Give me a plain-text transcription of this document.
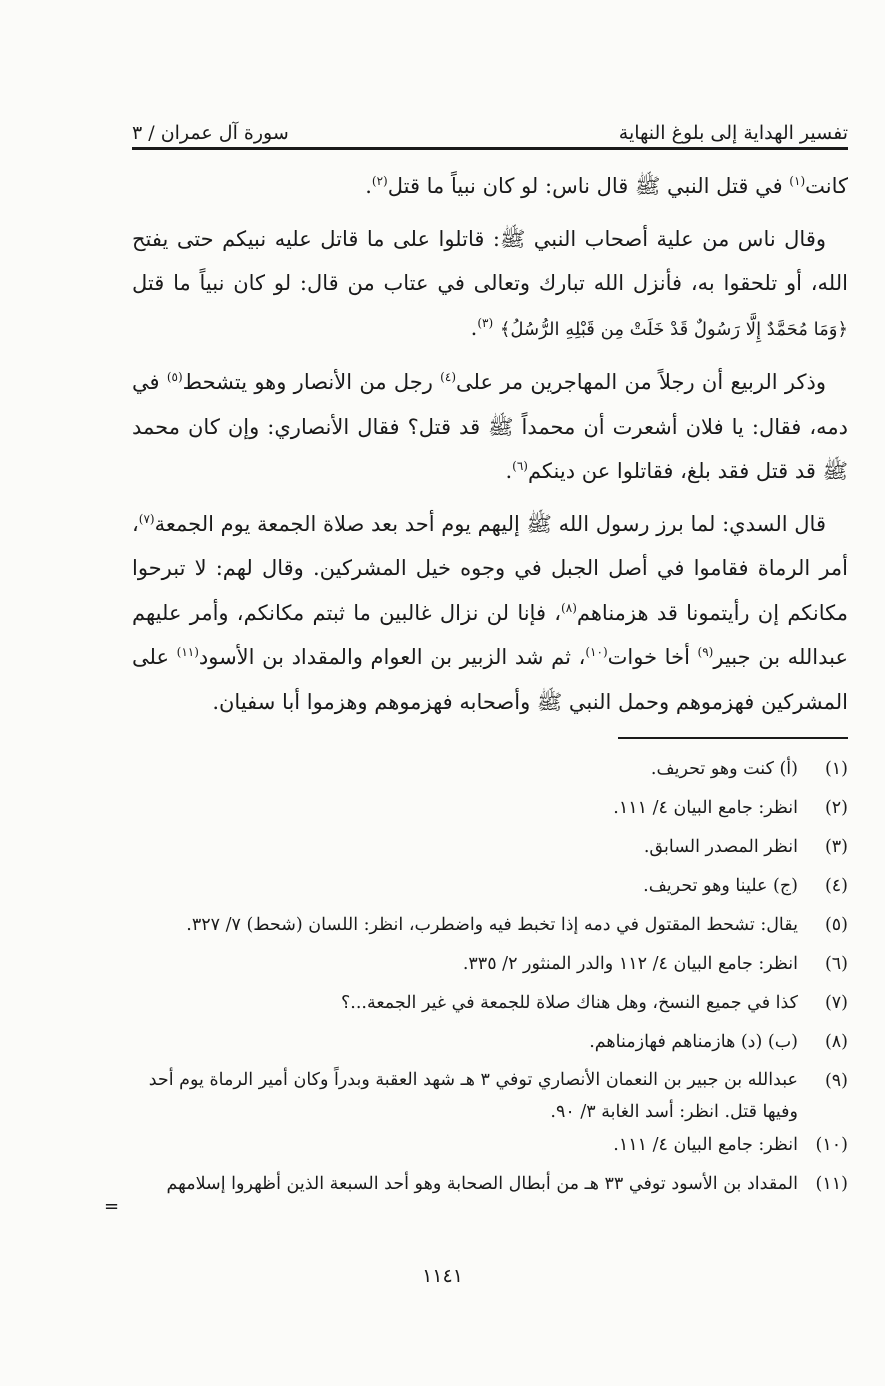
سورة آل عمران / ٣	تفسير الهداية إلى بلوغ النهاية

كانت$^{(١)}$ في قتل النبي ﷺ قال ناس: لو كان نبياً ما قتل$^{(٢)}$.

وقال ناس من علية أصحاب النبي ﷺ: قاتلوا على ما قاتل عليه نبيكم حتى يفتح الله، أو تلحقوا به، فأنزل الله تبارك وتعالى في عتاب من قال: لو كان نبياً ما قتل ﴿وَمَا مُحَمَّدٌ إِلَّا رَسُولٌ قَدْ خَلَتْ مِن قَبْلِهِ الرُّسُلُ﴾ $^{(٣)}$.

وذكر الربيع أن رجلاً من المهاجرين مر على$^{(٤)}$ رجل من الأنصار وهو يتشحط$^{(٥)}$ في دمه، فقال: يا فلان أشعرت أن محمداً ﷺ قد قتل؟ فقال الأنصاري: وإن كان محمد ﷺ قد قتل فقد بلغ، فقاتلوا عن دينكم$^{(٦)}$.

قال السدي: لما برز رسول الله ﷺ إليهم يوم أحد بعد صلاة الجمعة يوم الجمعة$^{(٧)}$، أمر الرماة فقاموا في أصل الجبل في وجوه خيل المشركين. وقال لهم: لا تبرحوا مكانكم إن رأيتمونا قد هزمناهم$^{(٨)}$، فإنا لن نزال غالبين ما ثبتم مكانكم، وأمر عليهم عبدالله بن جبير$^{(٩)}$ أخا خوات$^{(١٠)}$، ثم شد الزبير بن العوام والمقداد بن الأسود$^{(١١)}$ على المشركين فهزموهم وحمل النبي ﷺ وأصحابه فهزموهم وهزموا أبا سفيان.

(١)
(أ) كنت وهو تحريف.
(٢)
انظر: جامع البيان ٤/ ١١١.
(٣)
انظر المصدر السابق.
(٤)
(ج) علينا وهو تحريف.
(٥)
يقال: تشحط المقتول في دمه إذا تخبط فيه واضطرب، انظر: اللسان (شحط) ٧/ ٣٢٧.
(٦)
انظر: جامع البيان ٤/ ١١٢ والدر المنثور ٢/ ٣٣٥.
(٧)
كذا في جميع النسخ، وهل هناك صلاة للجمعة في غير الجمعة...؟
(٨)
(ب) (د) هازمناهم فهازمناهم.
(٩)
عبدالله بن جبير بن النعمان الأنصاري توفي ٣ هـ شهد العقبة وبدراً وكان أمير الرماة يوم أحد وفيها قتل. انظر: أسد الغابة ٣/ ٩٠.
(١٠)
انظر: جامع البيان ٤/ ١١١.
(١١)
المقداد بن الأسود توفي ٣٣ هـ من أبطال الصحابة وهو أحد السبعة الذين أظهروا إسلامهم
=
١١٤١
